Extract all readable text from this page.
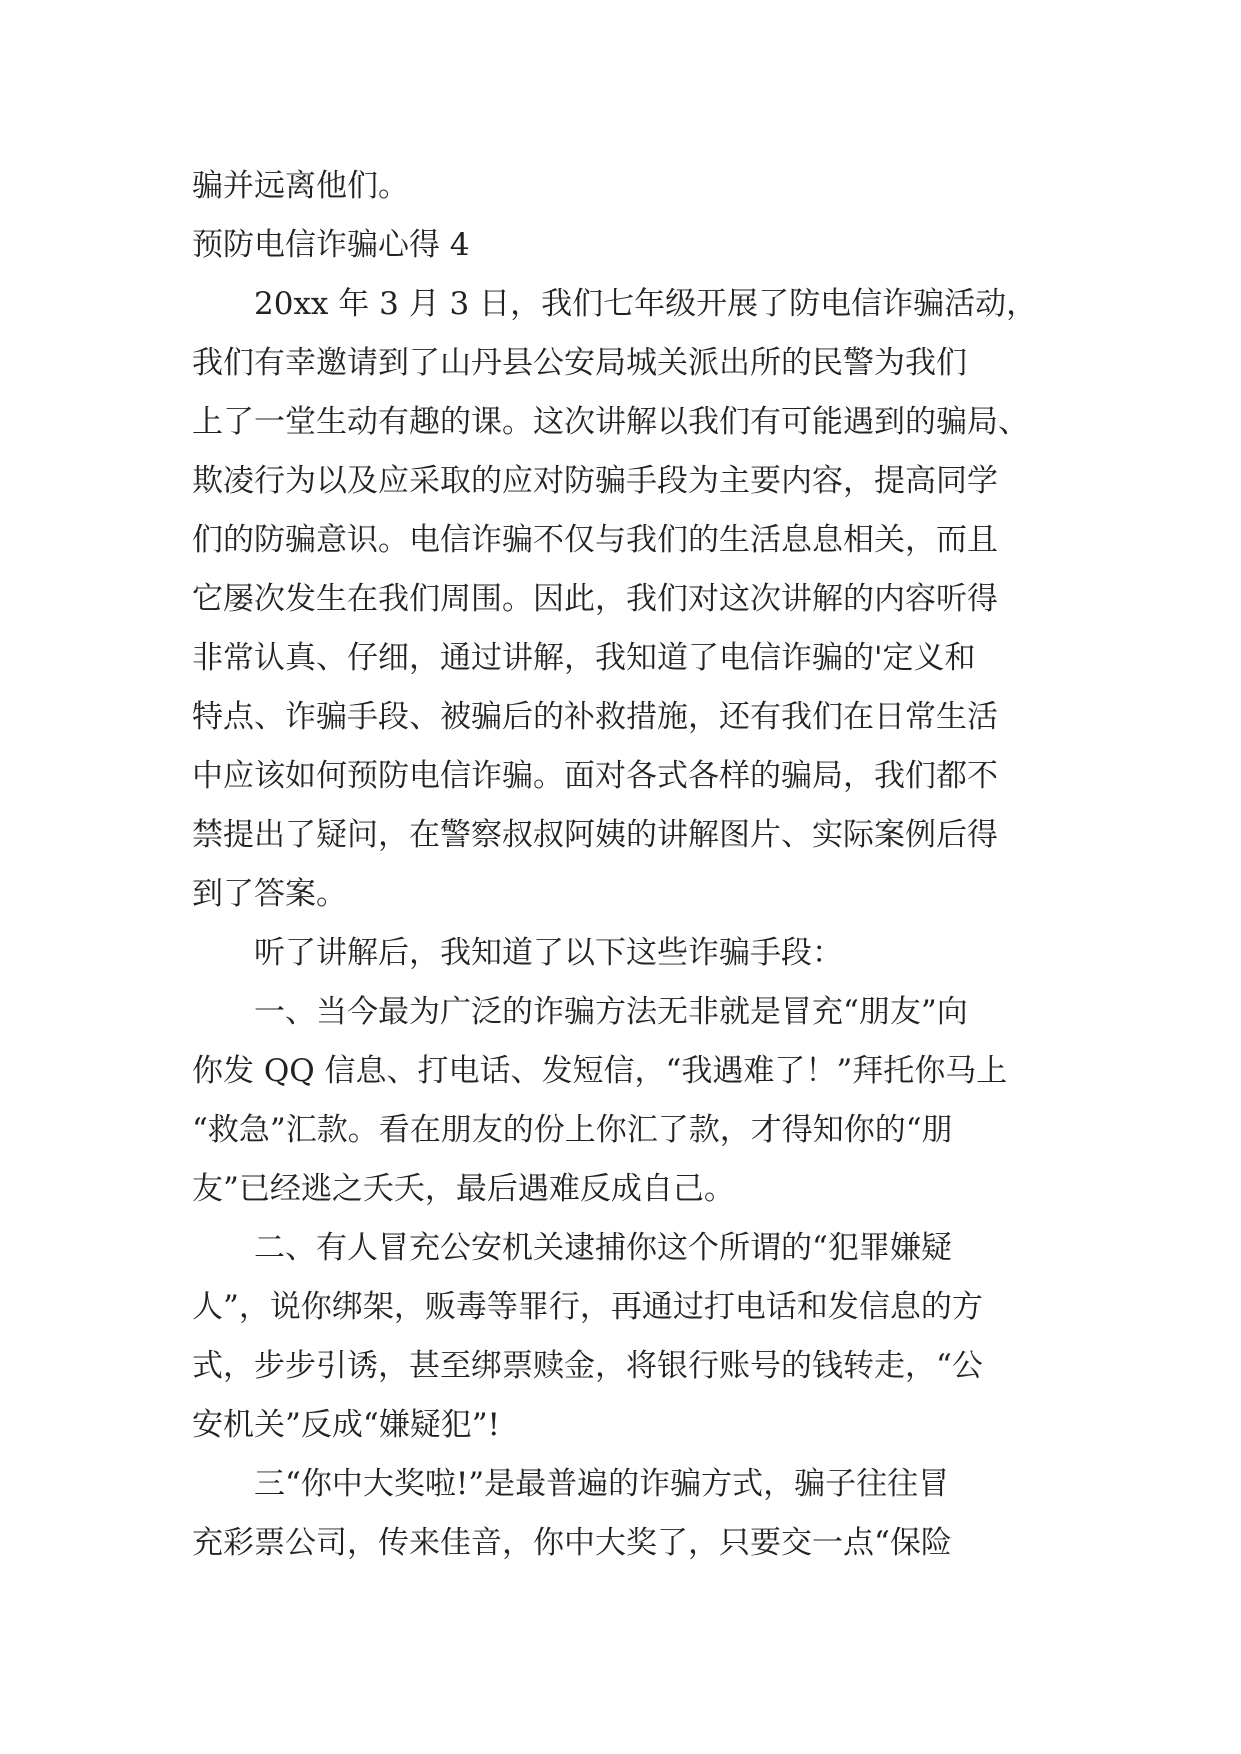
骗并远离他们。
预防电信诈骗心得 4
20xx 年 3 月 3 日，我们七年级开展了防电信诈骗活动，
我们有幸邀请到了山丹县公安局城关派出所的民警为我们
上了一堂生动有趣的课。这次讲解以我们有可能遇到的骗局、
欺凌行为以及应采取的应对防骗手段为主要内容，提高同学
们的防骗意识。电信诈骗不仅与我们的生活息息相关，而且
它屡次发生在我们周围。因此，我们对这次讲解的内容听得
非常认真、仔细，通过讲解，我知道了电信诈骗的'定义和
特点、诈骗手段、被骗后的补救措施，还有我们在日常生活
中应该如何预防电信诈骗。面对各式各样的骗局，我们都不
禁提出了疑问，在警察叔叔阿姨的讲解图片、实际案例后得
到了答案。
听了讲解后，我知道了以下这些诈骗手段：
一、当今最为广泛的诈骗方法无非就是冒充“朋友”向
你发 QQ 信息、打电话、发短信，“我遇难了！”拜托你马上
“救急”汇款。看在朋友的份上你汇了款，才得知你的“朋
友”已经逃之夭夭，最后遇难反成自己。
二、有人冒充公安机关逮捕你这个所谓的“犯罪嫌疑
人”，说你绑架，贩毒等罪行，再通过打电话和发信息的方
式，步步引诱，甚至绑票赎金，将银行账号的钱转走，“公
安机关”反成“嫌疑犯”!
三“你中大奖啦!”是最普遍的诈骗方式，骗子往往冒
充彩票公司，传来佳音，你中大奖了，只要交一点“保险
